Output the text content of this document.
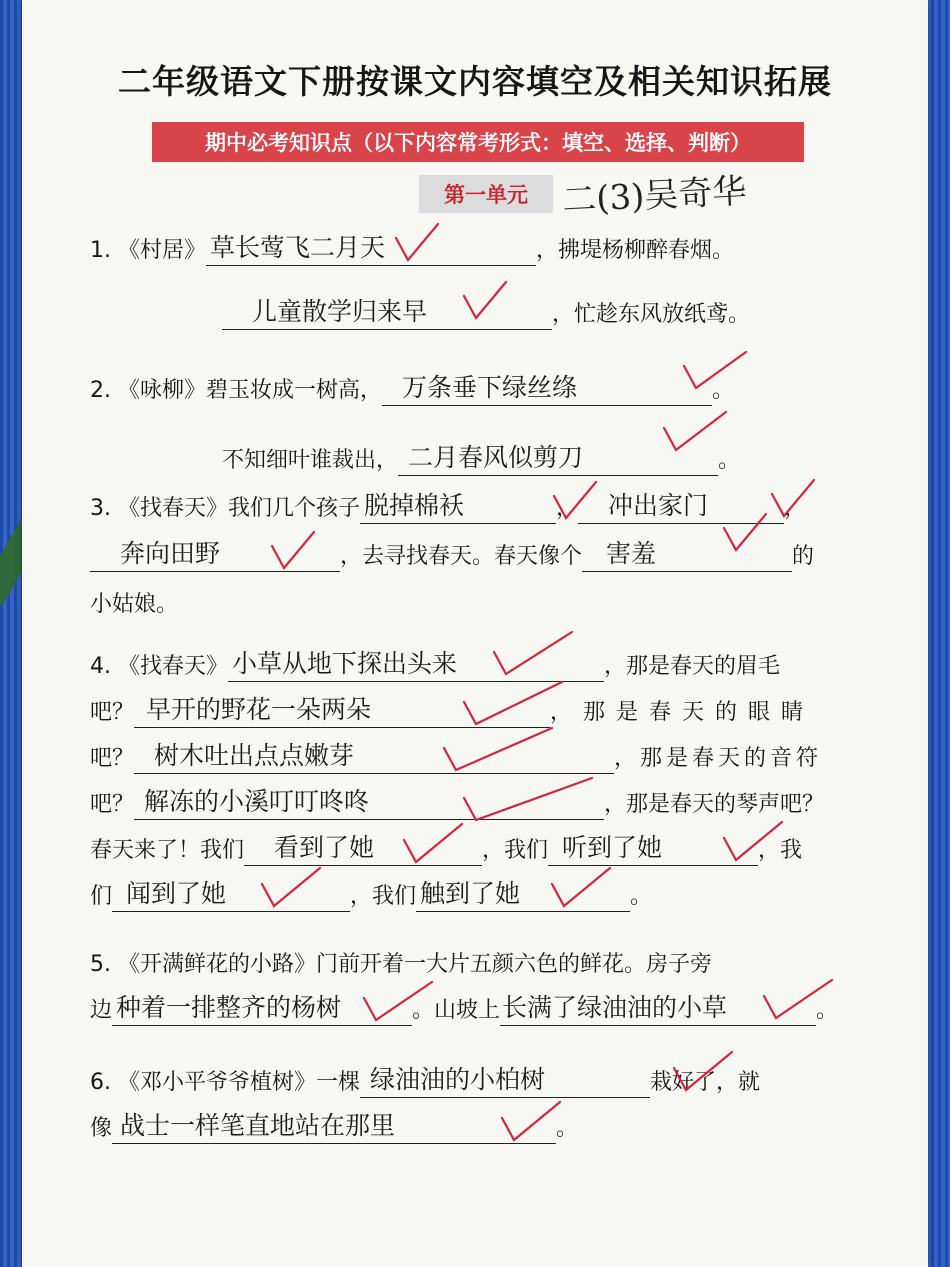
二年级语文下册按课文内容填空及相关知识拓展
期中必考知识点（以下内容常考形式：填空、选择、判断）
第一单元 二(3)吴奇华
1. 《村居》 草长莺飞二月天	，拂堤杨柳醉春烟。
儿童散学归来早	，忙趁东风放纸鸢。
2. 《咏柳》碧玉妆成一树高， 万条垂下绿丝绦	。
不知细叶谁裁出， 二月春风似剪刀	。
3. 《找春天》我们几个孩子 脱掉棉袄	， 冲出家门	，
奔向田野	，去寻找春天。春天像个 害羞	的
小姑娘。
4. 《找春天》 小草从地下探出头来	，那是春天的眉毛
吧？ 早开的野花一朵两朵	，那是春天的眼睛
吧？ 树木吐出点点嫩芽	，那是春天的音符
吧？ 解冻的小溪叮叮咚咚	，那是春天的琴声吧？
春天来了！我们 看到了她	，我们 听到了她	，我
们 闻到了她	，我们 触到了她	。
5. 《开满鲜花的小路》门前开着一大片五颜六色的鲜花。房子旁
边 种着一排整齐的杨树	。山坡上 长满了绿油油的小草	。
6. 《邓小平爷爷植树》一棵 绿油油的小柏树	栽好了，就
像 战士一样笔直地站在那里	。
